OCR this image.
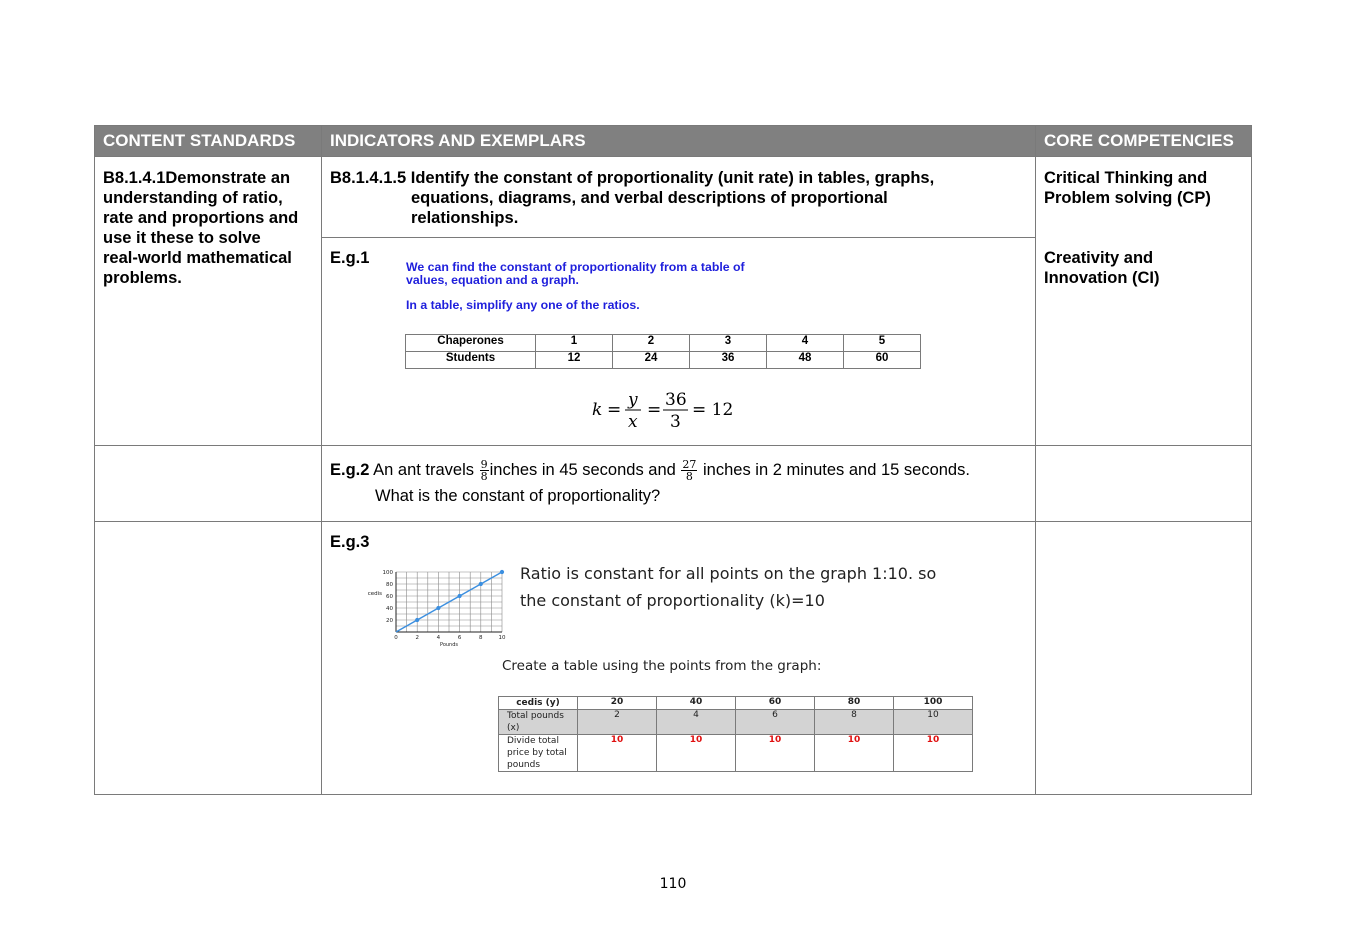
CONTENT STANDARDS	INDICATORS AND EXEMPLARS	CORE COMPETENCIES

B8.1.4.1Demonstrate an
understanding of ratio,
rate and proportions and
use it these to solve
real-world mathematical
problems.

B8.1.4.1.5 Identify the constant of proportionality (unit rate) in tables, graphs,
equations, diagrams, and verbal descriptions of proportional
relationships.

Critical Thinking and
Problem solving (CP)
Creativity and
Innovation (CI)

E.g.1	We can find the constant of proportionality from a table of
values, equation and a graph.
In a table, simplify any one of the ratios.
Chaperones	1	2	3	4	5
Students	12	24	36	48	60
k = y
x
= 36
3
= 12

E.g.2 An ant travels $\frac{9}{8}$ inches in 45 seconds and $\frac{27}{8}$ inches in 2 minutes and 15 seconds.
What is the constant of proportionality?

E.g.3
100
80
60
40
20
0	2	4	6	8	10
cedis
Pounds
Ratio is constant for all points on the graph 1:10. so
the constant of proportionality (k)=10
Create a table using the points from the graph:
cedis (y)	20	40	60	80	100
Total pounds (x)	2	4	6	8	10
Divide total price by total pounds	10	10	10	10	10

110
